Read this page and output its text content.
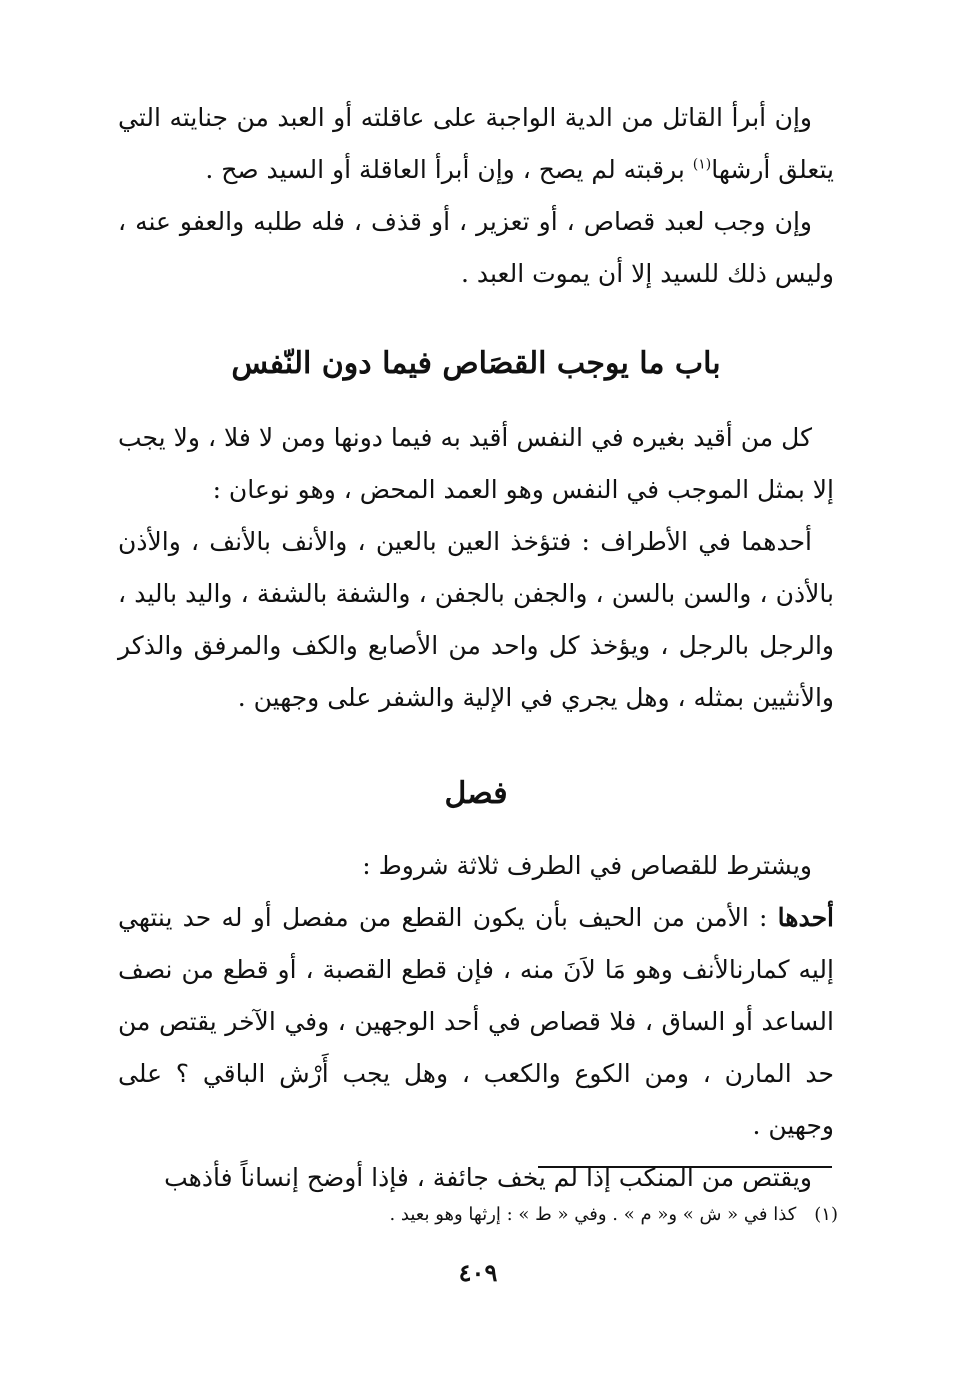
وإن أبرأ القاتل من الدية الواجبة على عاقلته أو العبد من جنايته التي يتعلق أرشها$^{(١)}$ برقبته لم يصح ، وإن أبرأ العاقلة أو السيد صح .

وإن وجب لعبد قصاص ، أو تعزير ، أو قذف ، فله طلبه والعفو عنه ، وليس ذلك للسيد إلا أن يموت العبد .

باب ما يوجب القصَاص فيما دون النّفس

كل من أقيد بغيره في النفس أقيد به فيما دونها ومن لا فلا ، ولا يجب إلا بمثل الموجب في النفس وهو العمد المحض ، وهو نوعان :

أحدهما في الأطراف : فتؤخذ العين بالعين ، والأنف بالأنف ، والأذن بالأذن ، والسن بالسن ، والجفن بالجفن ، والشفة بالشفة ، واليد باليد ، والرجل بالرجل ، ويؤخذ كل واحد من الأصابع والكف والمرفق والذكر والأنثيين بمثله ، وهل يجري في الإلية والشفر على وجهين .

فصل

ويشترط للقصاص في الطرف ثلاثة شروط :

أحدها : الأمن من الحيف بأن يكون القطع من مفصل أو له حد ينتهي إليه كمارنالأنف وهو مَا لاَنَ منه ، فإن قطع القصبة ، أو قطع من نصف الساعد أو الساق ، فلا قصاص في أحد الوجهين ، وفي الآخر يقتص من حد المارن ، ومن الكوع والكعب ، وهل يجب أَرْش الباقي ؟ على وجهين .

ويقتص من المنكب إذا لم يخف جائفة ، فإذا أوضح إنساناً فأذهب

(١)كذا في « ش » و« م » . وفي « ط » : إرثها وهو بعيد .
٤٠٩
